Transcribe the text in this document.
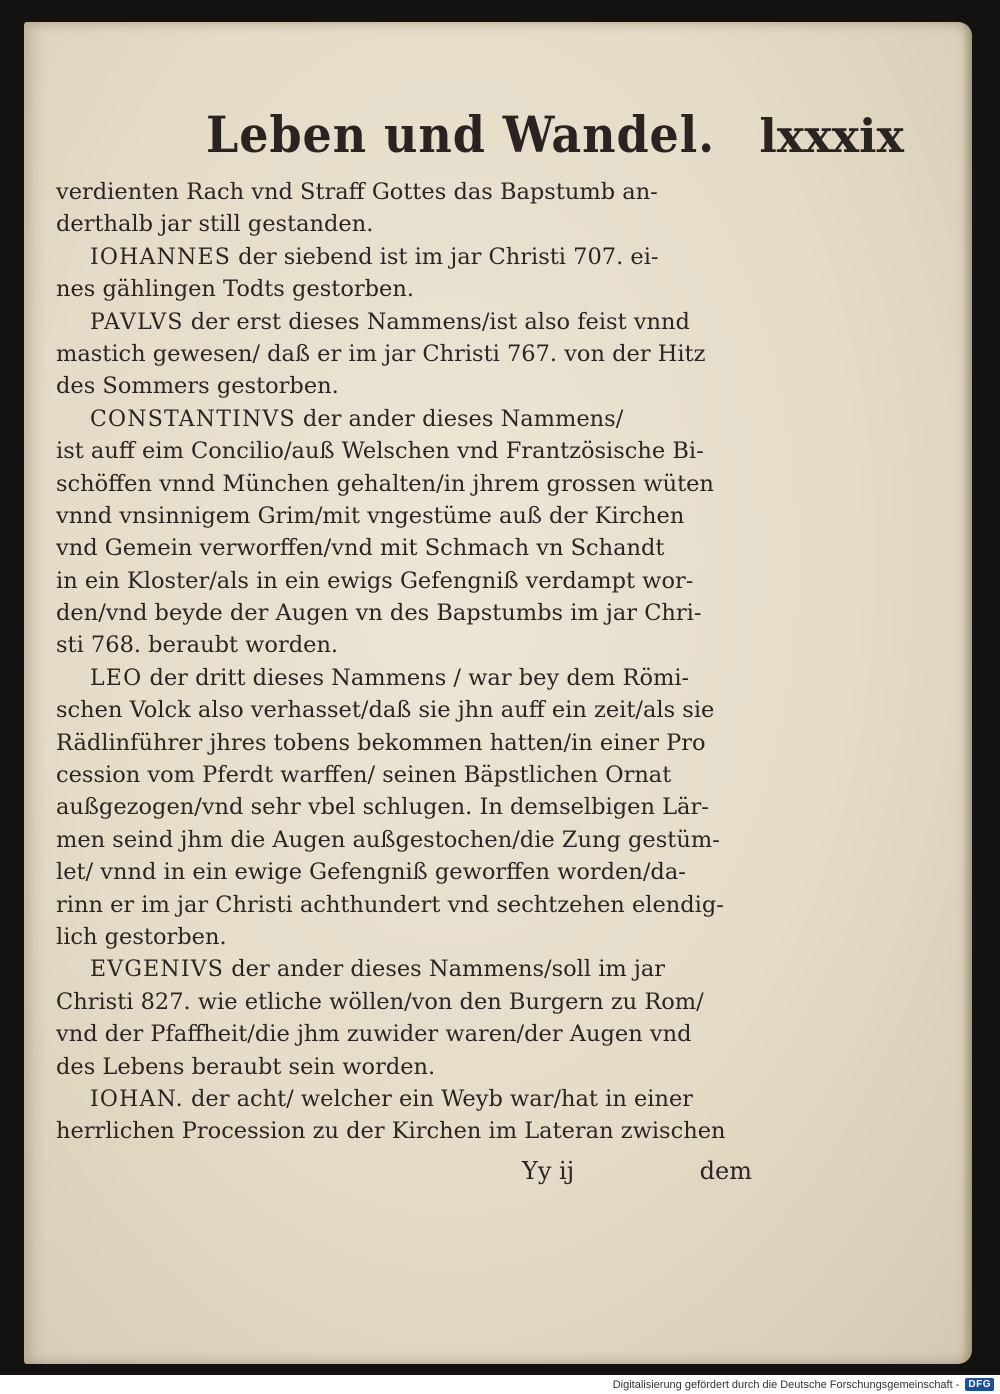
Leben und Wandel. lxxxix
verdienten Rach vnd Straff Gottes das Bapstumb an-
derthalb jar still gestanden.
IOHANNES der siebend ist im jar Christi 707. ei-
nes gählingen Todts gestorben.
PAVLVS der erst dieses Nammens/ist also feist vnnd
mastich gewesen/ daß er im jar Christi 767. von der Hitz
des Sommers gestorben.
CONSTANTINVS der ander dieses Nammens/
ist auff eim Concilio/auß Welschen vnd Frantzösische Bi-
schöffen vnnd München gehalten/in jhrem grossen wüten
vnnd vnsinnigem Grim/mit vngestüme auß der Kirchen
vnd Gemein verworffen/vnd mit Schmach vn Schandt
in ein Kloster/als in ein ewigs Gefengniß verdampt wor-
den/vnd beyde der Augen vn des Bapstumbs im jar Chri-
sti 768. beraubt worden.
LEO der dritt dieses Nammens / war bey dem Römi-
schen Volck also verhasset/daß sie jhn auff ein zeit/als sie
Rädlinführer jhres tobens bekommen hatten/in einer Pro
cession vom Pferdt warffen/ seinen Bäpstlichen Ornat
außgezogen/vnd sehr vbel schlugen. In demselbigen Lär-
men seind jhm die Augen außgestochen/die Zung gestüm-
let/ vnnd in ein ewige Gefengniß geworffen worden/da-
rinn er im jar Christi achthundert vnd sechtzehen elendig-
lich gestorben.
EVGENIVS der ander dieses Nammens/soll im jar
Christi 827. wie etliche wöllen/von den Burgern zu Rom/
vnd der Pfaffheit/die jhm zuwider waren/der Augen vnd
des Lebens beraubt sein worden.
IOHAN. der acht/ welcher ein Weyb war/hat in einer
herrlichen Procession zu der Kirchen im Lateran zwischen
Yy ij	dem
Digitalisierung gefördert durch die Deutsche Forschungsgemeinschaft - DFG
